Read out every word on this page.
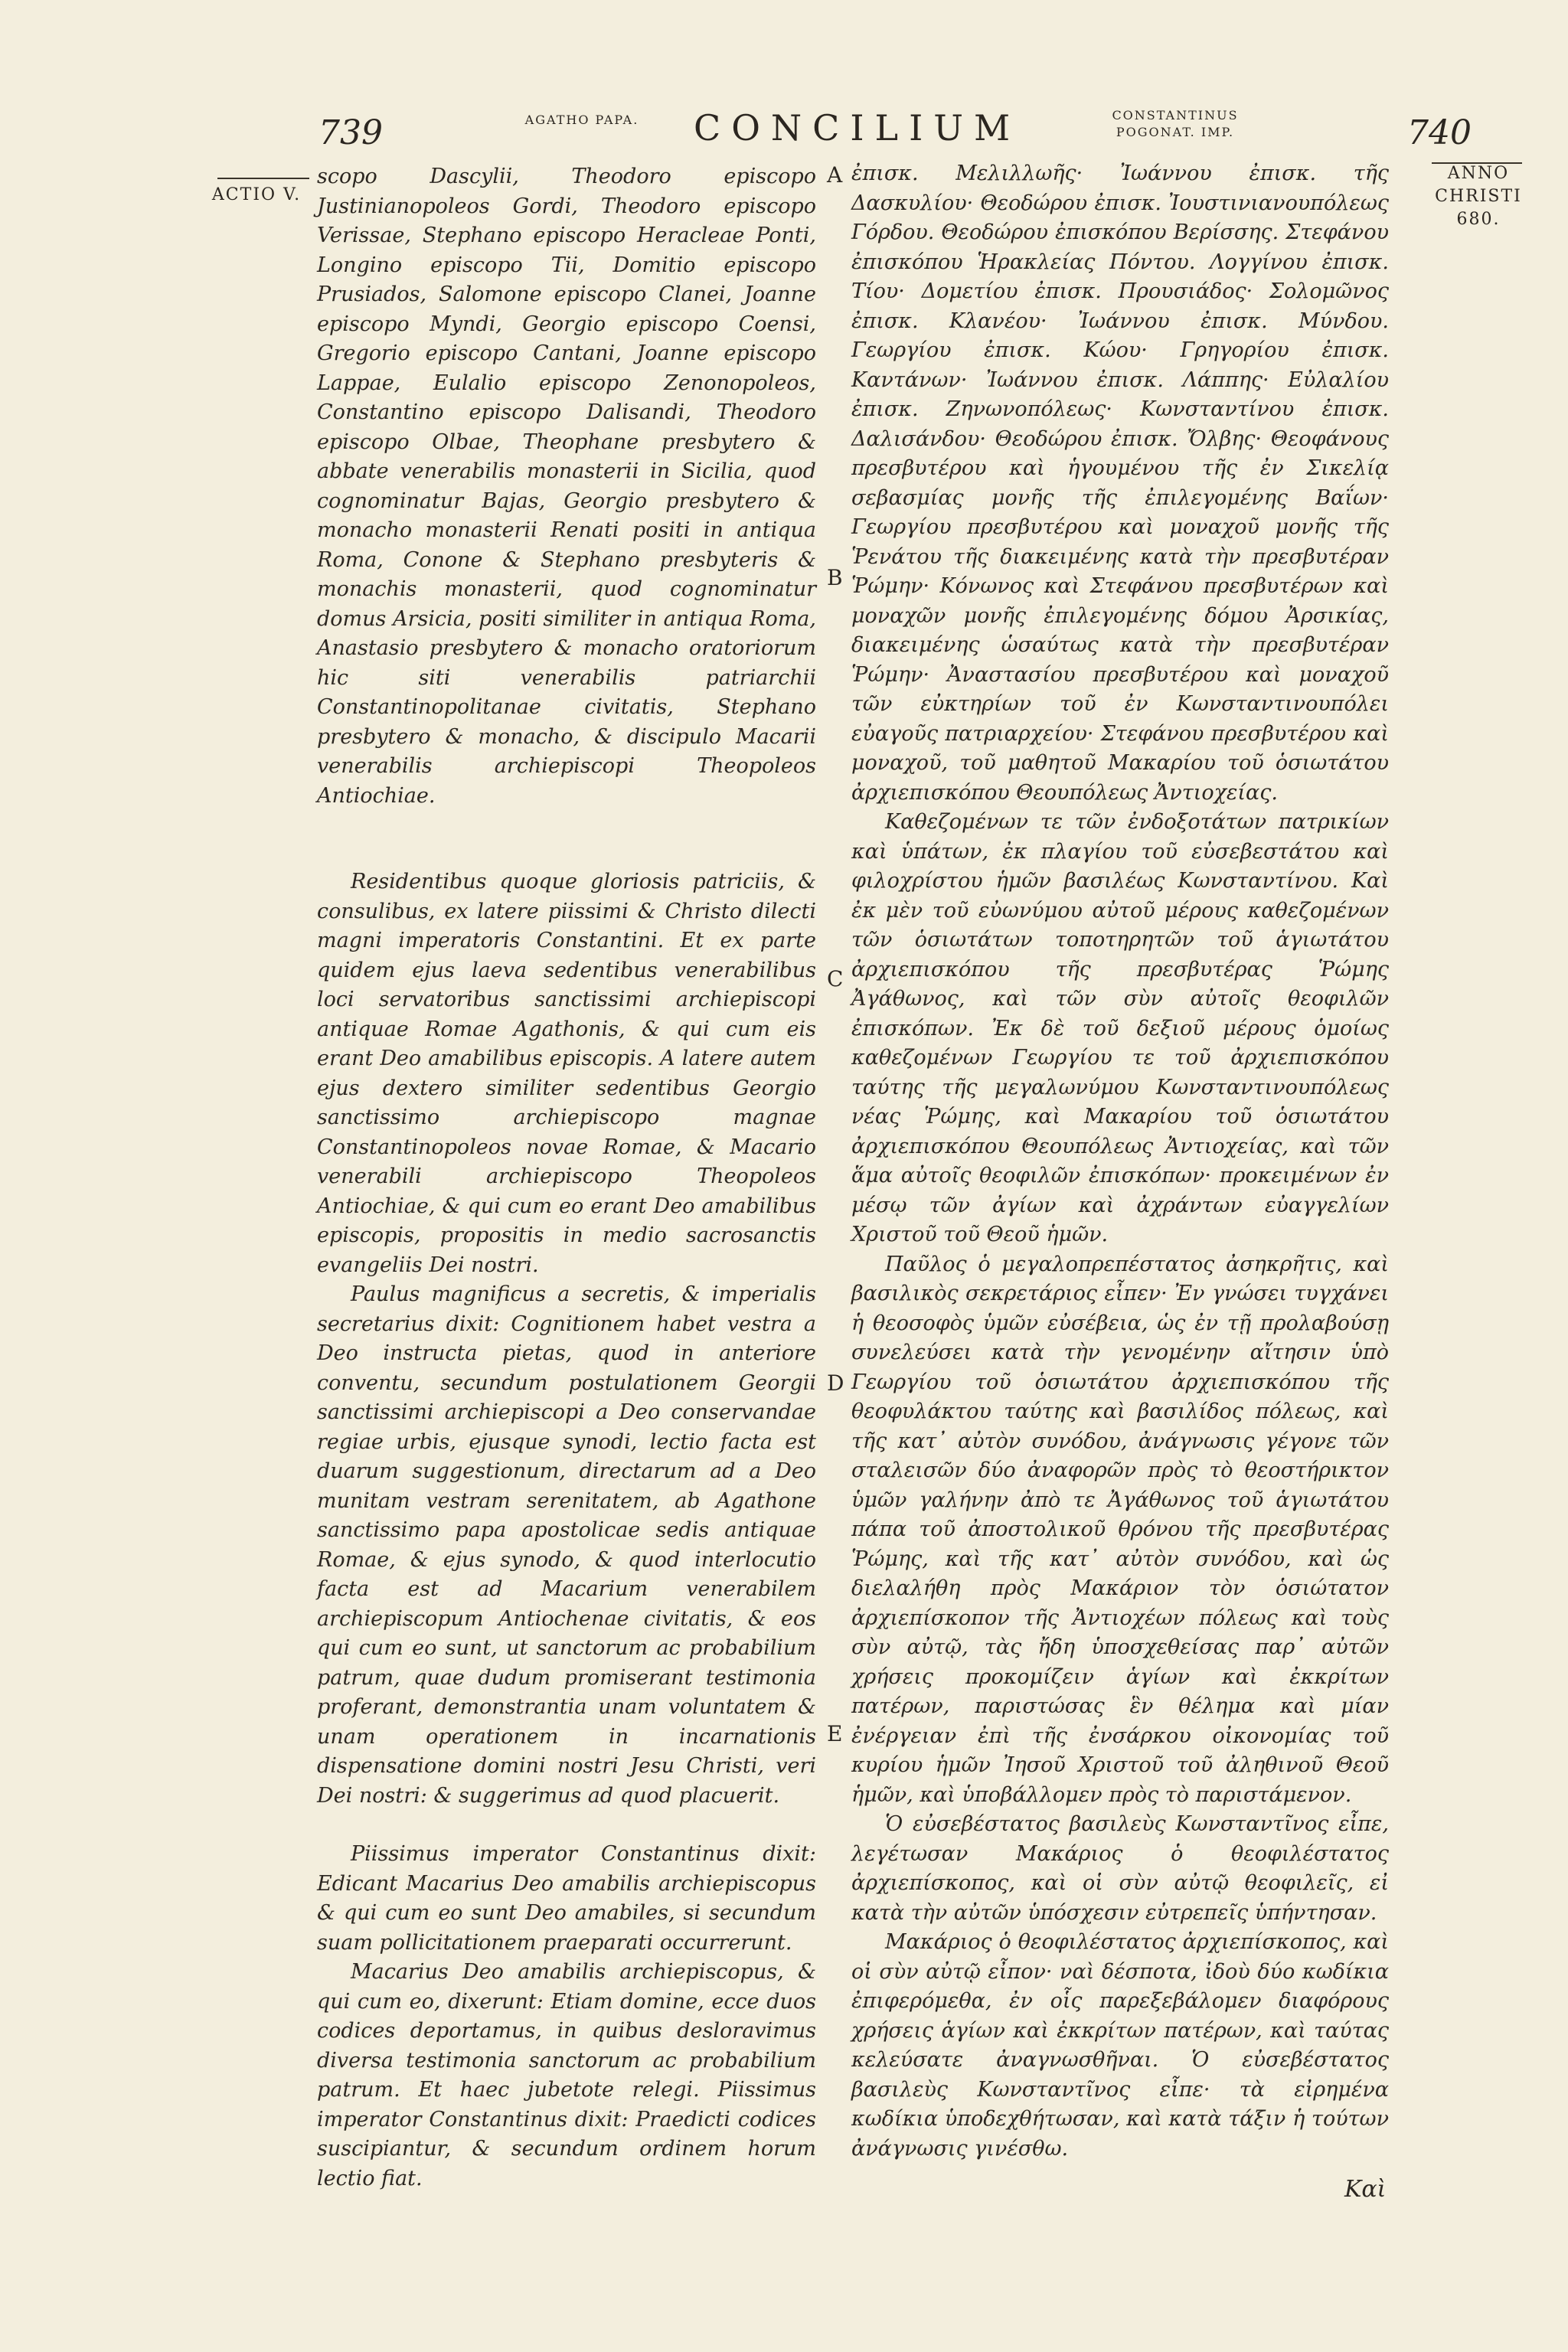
739	AGATHO PAPA. CONCILIUM	CONSTANTINUS POGONAT. IMP.	740
ACTIO V.
ANNO CHRISTI 680.
A
B
C
D
E

scopo Dascylii, Theodoro episcopo Justinianopoleos Gordi, Theodoro episcopo Verissae, Stephano episcopo Heracleae Ponti, Longino episcopo Tii, Domitio episcopo Prusiados, Salomone episcopo Clanei, Joanne episcopo Myndi, Georgio episcopo Coensi, Gregorio episcopo Cantani, Joanne episcopo Lappae, Eulalio episcopo Zenonopoleos, Constantino episcopo Dalisandi, Theodoro episcopo Olbae, Theophane presbytero & abbate venerabilis monasterii in Sicilia, quod cognominatur Bajas, Georgio presbytero & monacho monasterii Renati positi in antiqua Roma, Conone & Stephano presbyteris & monachis monasterii, quod cognominatur domus Arsicia, positi similiter in antiqua Roma, Anastasio presbytero & monacho oratoriorum hic siti venerabilis patriarchii Constantinopolitanae civitatis, Stephano presbytero & monacho, & discipulo Macarii venerabilis archiepiscopi Theopoleos Antiochiae.

Residentibus quoque gloriosis patriciis, & consulibus, ex latere piissimi & Christo dilecti magni imperatoris Constantini. Et ex parte quidem ejus laeva sedentibus venerabilibus loci servatoribus sanctissimi archiepiscopi antiquae Romae Agathonis, & qui cum eis erant Deo amabilibus episcopis. A latere autem ejus dextero similiter sedentibus Georgio sanctissimo archiepiscopo magnae Constantinopoleos novae Romae, & Macario venerabili archiepiscopo Theopoleos Antiochiae, & qui cum eo erant Deo amabilibus episcopis, propositis in medio sacrosanctis evangeliis Dei nostri.

Paulus magnificus a secretis, & imperialis secretarius dixit: Cognitionem habet vestra a Deo instructa pietas, quod in anteriore conventu, secundum postulationem Georgii sanctissimi archiepiscopi a Deo conservandae regiae urbis, ejusque synodi, lectio facta est duarum suggestionum, directarum ad a Deo munitam vestram serenitatem, ab Agathone sanctissimo papa apostolicae sedis antiquae Romae, & ejus synodo, & quod interlocutio facta est ad Macarium venerabilem archiepiscopum Antiochenae civitatis, & eos qui cum eo sunt, ut sanctorum ac probabilium patrum, quae dudum promiserant testimonia proferant, demonstrantia unam voluntatem & unam operationem in incarnationis dispensatione domini nostri Jesu Christi, veri Dei nostri: & suggerimus ad quod placuerit.

Piissimus imperator Constantinus dixit: Edicant Macarius Deo amabilis archiepiscopus & qui cum eo sunt Deo amabiles, si secundum suam pollicitationem praeparati occurrerunt.

Macarius Deo amabilis archiepiscopus, & qui cum eo, dixerunt: Etiam domine, ecce duos codices deportamus, in quibus desloravimus diversa testimonia sanctorum ac probabilium patrum. Et haec jubetote relegi. Piissimus imperator Constantinus dixit: Praedicti codices suscipiantur, & secundum ordinem horum lectio fiat.

ἐπισκ. Μελιλλωῆς· Ἰωάννου ἐπισκ. τῆς Δασκυλίου· Θεοδώρου ἐπισκ. Ἰουστινιανουπόλεως Γόρδου. Θεοδώρου ἐπισκόπου Βερίσσης. Στεφάνου ἐπισκόπου Ἡρακλείας Πόντου. Λογγίνου ἐπισκ. Τίου· Δομετίου ἐπισκ. Προυσιάδος· Σολομῶνος ἐπισκ. Κλανέου· Ἰωάννου ἐπισκ. Μύνδου. Γεωργίου ἐπισκ. Κώου· Γρηγορίου ἐπισκ. Καντάνων· Ἰωάννου ἐπισκ. Λάππης· Εὐλαλίου ἐπισκ. Ζηνωνοπόλεως· Κωνσταντίνου ἐπισκ. Δαλισάνδου· Θεοδώρου ἐπισκ. Ὄλβης· Θεοφάνους πρεσβυτέρου καὶ ἡγουμένου τῆς ἐν Σικελίᾳ σεβασμίας μονῆς τῆς ἐπιλεγομένης Βαΐων· Γεωργίου πρεσβυτέρου καὶ μοναχοῦ μονῆς τῆς Ῥενάτου τῆς διακειμένης κατὰ τὴν πρεσβυτέραν Ῥώμην· Κόνωνος καὶ Στεφάνου πρεσβυτέρων καὶ μοναχῶν μονῆς ἐπιλεγομένης δόμου Ἀρσικίας, διακειμένης ὡσαύτως κατὰ τὴν πρεσβυτέραν Ῥώμην· Ἀναστασίου πρεσβυτέρου καὶ μοναχοῦ τῶν εὐκτηρίων τοῦ ἐν Κωνσταντινουπόλει εὐαγοῦς πατριαρχείου· Στεφάνου πρεσβυτέρου καὶ μοναχοῦ, τοῦ μαθητοῦ Μακαρίου τοῦ ὁσιωτάτου ἀρχιεπισκόπου Θεουπόλεως Ἀντιοχείας.

Καθεζομένων τε τῶν ἐνδοξοτάτων πατρικίων καὶ ὑπάτων, ἐκ πλαγίου τοῦ εὐσεβεστάτου καὶ φιλοχρίστου ἡμῶν βασιλέως Κωνσταντίνου. Καὶ ἐκ μὲν τοῦ εὐωνύμου αὐτοῦ μέρους καθεζομένων τῶν ὁσιωτάτων τοποτηρητῶν τοῦ ἁγιωτάτου ἀρχιεπισκόπου τῆς πρεσβυτέρας Ῥώμης Ἀγάθωνος, καὶ τῶν σὺν αὐτοῖς θεοφιλῶν ἐπισκόπων. Ἐκ δὲ τοῦ δεξιοῦ μέρους ὁμοίως καθεζομένων Γεωργίου τε τοῦ ἀρχιεπισκόπου ταύτης τῆς μεγαλωνύμου Κωνσταντινουπόλεως νέας Ῥώμης, καὶ Μακαρίου τοῦ ὁσιωτάτου ἀρχιεπισκόπου Θεουπόλεως Ἀντιοχείας, καὶ τῶν ἅμα αὐτοῖς θεοφιλῶν ἐπισκόπων· προκειμένων ἐν μέσῳ τῶν ἀγίων καὶ ἀχράντων εὐαγγελίων Χριστοῦ τοῦ Θεοῦ ἡμῶν.

Παῦλος ὁ μεγαλοπρεπέστατος ἀσηκρῆτις, καὶ βασιλικὸς σεκρετάριος εἶπεν· Ἐν γνώσει τυγχάνει ἡ θεοσοφὸς ὑμῶν εὐσέβεια, ὡς ἐν τῇ προλαβούσῃ συνελεύσει κατὰ τὴν γενομένην αἴτησιν ὑπὸ Γεωργίου τοῦ ὁσιωτάτου ἀρχιεπισκόπου τῆς θεοφυλάκτου ταύτης καὶ βασιλίδος πόλεως, καὶ τῆς κατ᾽ αὐτὸν συνόδου, ἀνάγνωσις γέγονε τῶν σταλεισῶν δύο ἀναφορῶν πρὸς τὸ θεοστήρικτον ὑμῶν γαλήνην ἀπὸ τε Ἀγάθωνος τοῦ ἁγιωτάτου πάπα τοῦ ἀποστολικοῦ θρόνου τῆς πρεσβυτέρας Ῥώμης, καὶ τῆς κατ᾽ αὐτὸν συνόδου, καὶ ὡς διελαλήθη πρὸς Μακάριον τὸν ὁσιώτατον ἀρχιεπίσκοπον τῆς Ἀντιοχέων πόλεως καὶ τοὺς σὺν αὐτῷ, τὰς ἤδη ὑποσχεθείσας παρ᾽ αὐτῶν χρήσεις προκομίζειν ἁγίων καὶ ἐκκρίτων πατέρων, παριστώσας ἓν θέλημα καὶ μίαν ἐνέργειαν ἐπὶ τῆς ἐνσάρκου οἰκονομίας τοῦ κυρίου ἡμῶν Ἰησοῦ Χριστοῦ τοῦ ἀληθινοῦ Θεοῦ ἡμῶν, καὶ ὑποβάλλομεν πρὸς τὸ παριστάμενον.

Ὁ εὐσεβέστατος βασιλεὺς Κωνσταντῖνος εἶπε, λεγέτωσαν Μακάριος ὁ θεοφιλέστατος ἀρχιεπίσκοπος, καὶ οἱ σὺν αὐτῷ θεοφιλεῖς, εἰ κατὰ τὴν αὐτῶν ὑπόσχεσιν εὐτρεπεῖς ὑπήντησαν.

Μακάριος ὁ θεοφιλέστατος ἀρχιεπίσκοπος, καὶ οἱ σὺν αὐτῷ εἶπον· ναὶ δέσποτα, ἰδοὺ δύο κωδίκια ἐπιφερόμεθα, ἐν οἷς παρεξεβάλομεν διαφόρους χρήσεις ἁγίων καὶ ἐκκρίτων πατέρων, καὶ ταύτας κελεύσατε ἀναγνωσθῆναι. Ὁ εὐσεβέστατος βασιλεὺς Κωνσταντῖνος εἶπε· τὰ εἰρημένα κωδίκια ὑποδεχθήτωσαν, καὶ κατὰ τάξιν ἡ τούτων ἀνάγνωσις γινέσθω.

Καὶ
